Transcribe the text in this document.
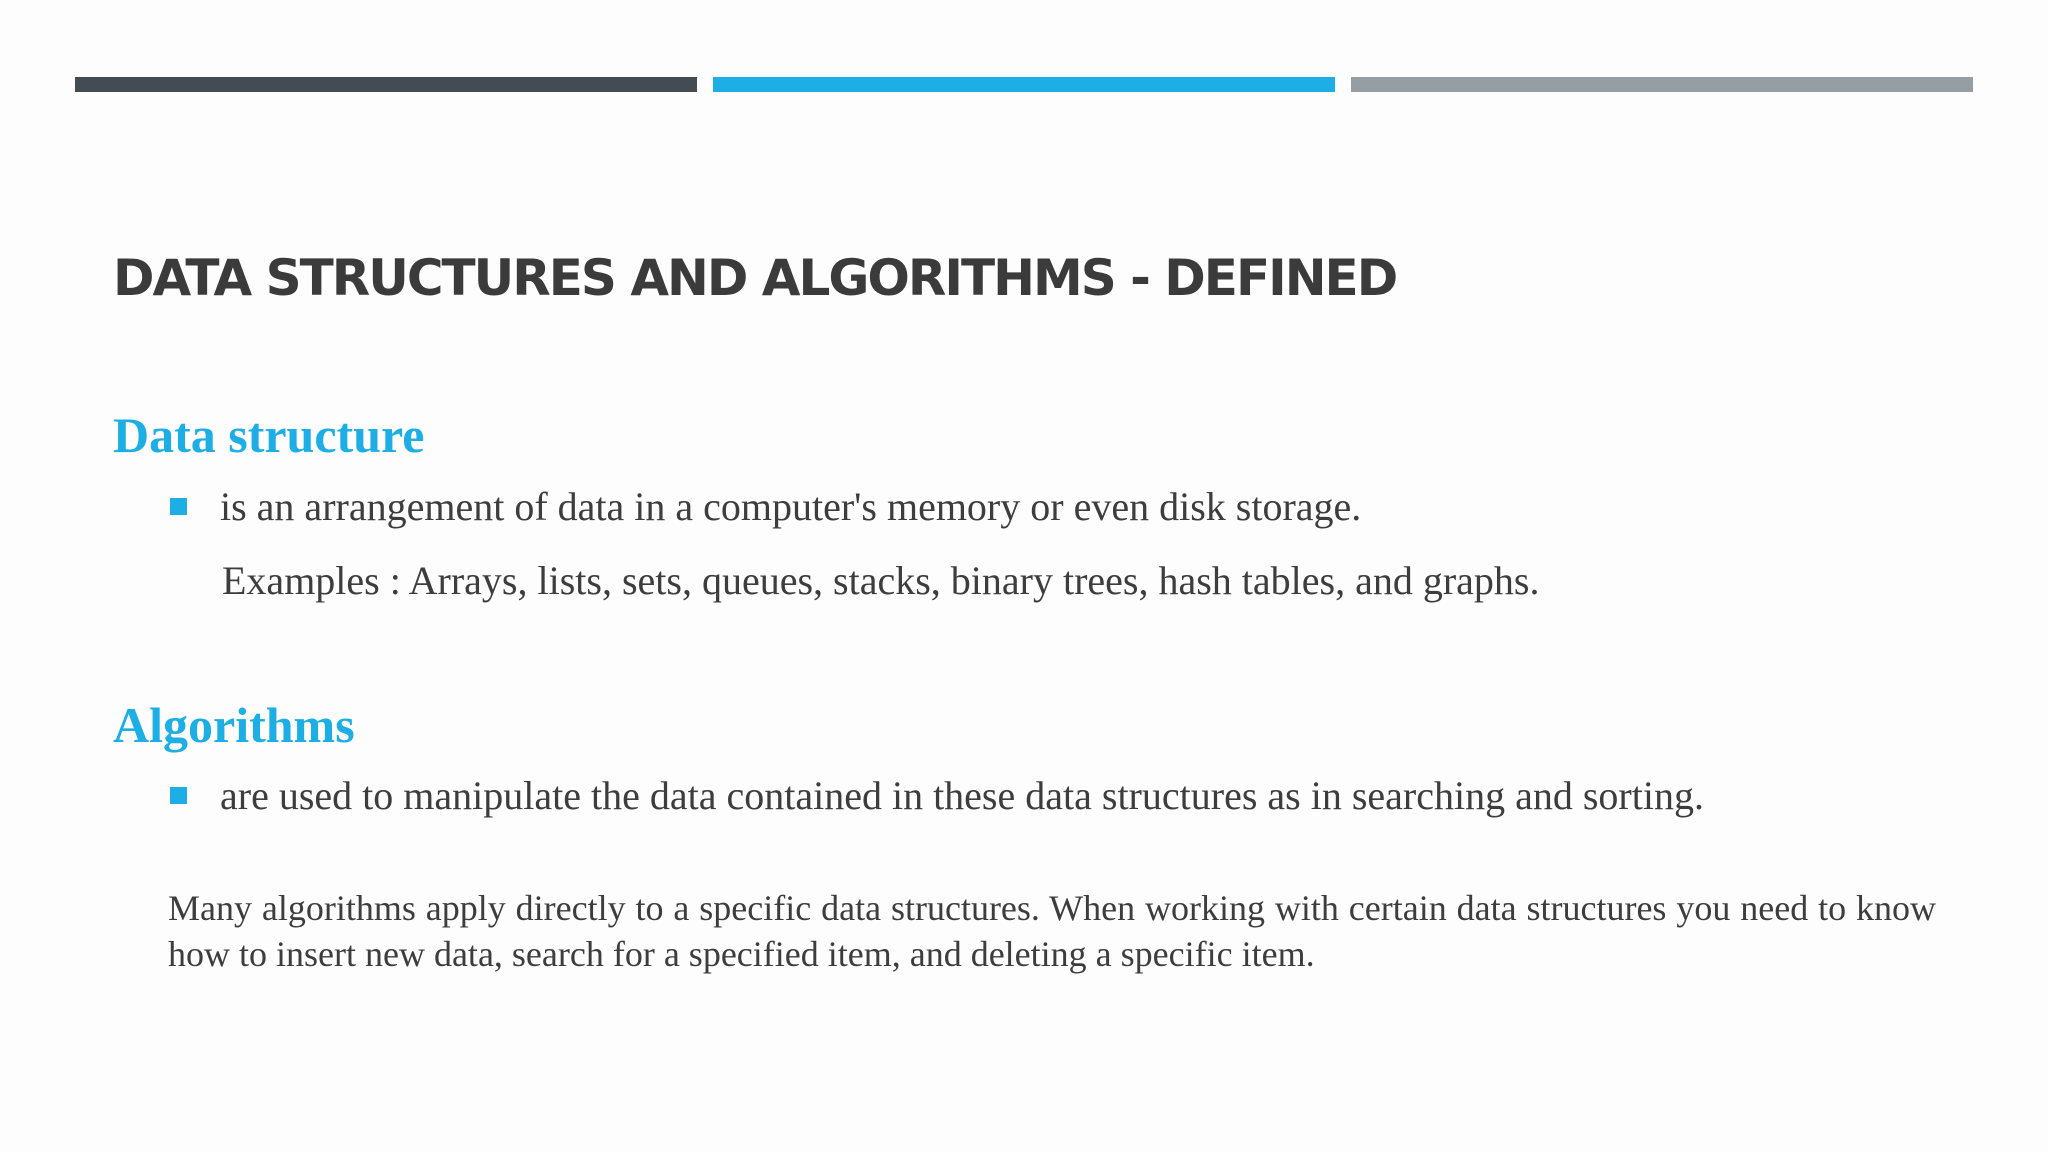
DATA STRUCTURES AND ALGORITHMS - DEFINED
Data structure

is an arrangement of data in a computer's memory or even disk storage.

Examples : Arrays, lists, sets, queues, stacks, binary trees, hash tables, and graphs.

Algorithms

are used to manipulate the data contained in these data structures as in searching and sorting.

Many algorithms apply directly to a specific data structures. When working with certain data structures you need to know how to insert new data, search for a specified item, and deleting a specific item.
